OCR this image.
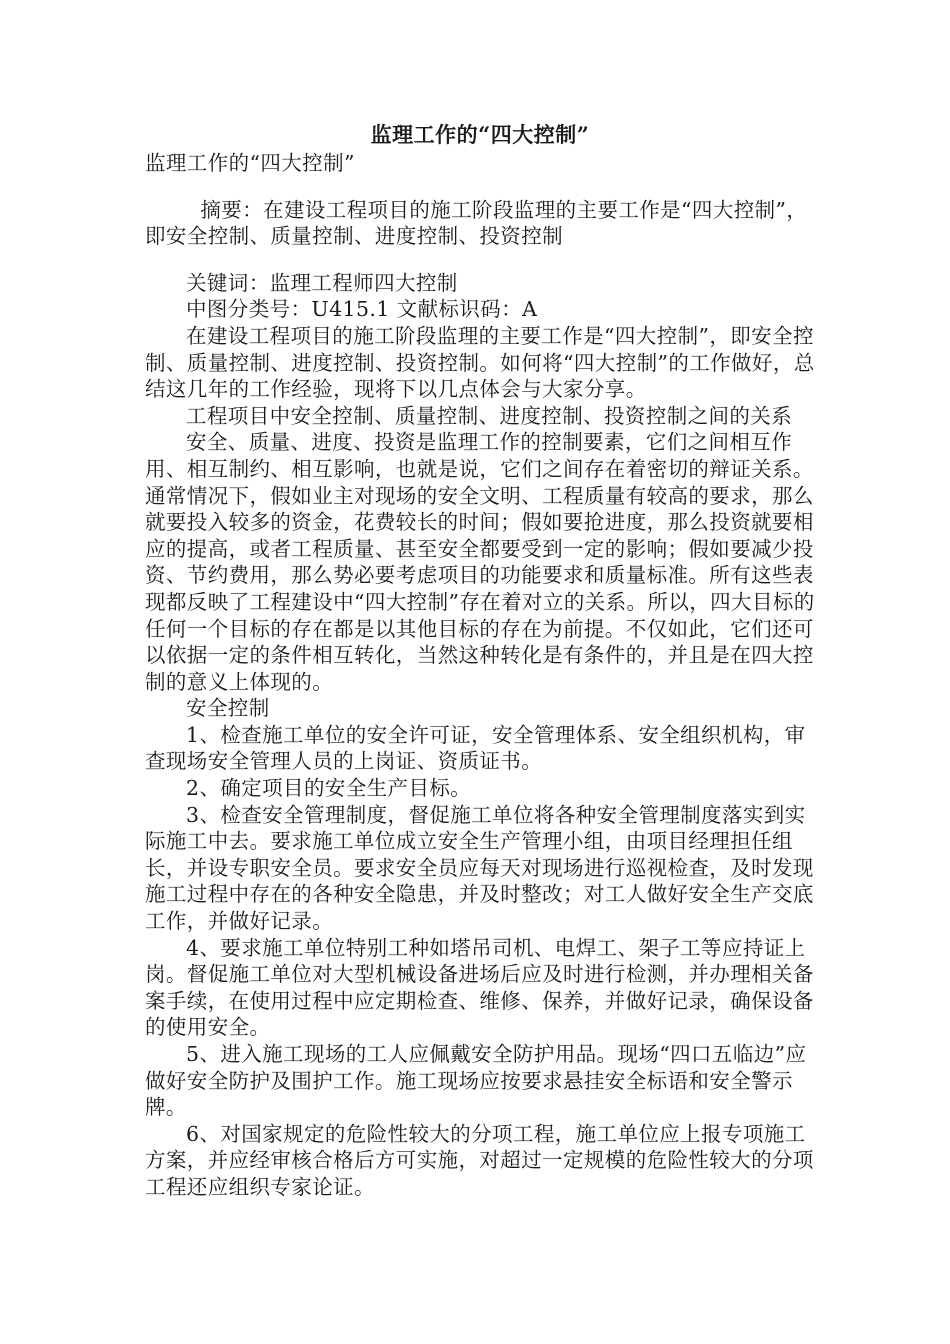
监理工作的“四大控制”

监理工作的“四大控制”

摘要：在建设工程项目的施工阶段监理的主要工作是“四大控制”，即安全控制、质量控制、进度控制、投资控制

关键词：监理工程师四大控制

中图分类号：U415.1 文献标识码：A

在建设工程项目的施工阶段监理的主要工作是“四大控制”，即安全控制、质量控制、进度控制、投资控制。如何将“四大控制”的工作做好，总结这几年的工作经验，现将下以几点体会与大家分享。

工程项目中安全控制、质量控制、进度控制、投资控制之间的关系

安全、质量、进度、投资是监理工作的控制要素，它们之间相互作用、相互制约、相互影响，也就是说，它们之间存在着密切的辩证关系。通常情况下，假如业主对现场的安全文明、工程质量有较高的要求，那么就要投入较多的资金，花费较长的时间；假如要抢进度，那么投资就要相应的提高，或者工程质量、甚至安全都要受到一定的影响；假如要减少投资、节约费用，那么势必要考虑项目的功能要求和质量标准。所有这些表现都反映了工程建设中“四大控制”存在着对立的关系。所以，四大目标的任何一个目标的存在都是以其他目标的存在为前提。不仅如此，它们还可以依据一定的条件相互转化，当然这种转化是有条件的，并且是在四大控制的意义上体现的。

安全控制

1、检查施工单位的安全许可证，安全管理体系、安全组织机构，审查现场安全管理人员的上岗证、资质证书。

2、确定项目的安全生产目标。

3、检查安全管理制度，督促施工单位将各种安全管理制度落实到实际施工中去。要求施工单位成立安全生产管理小组，由项目经理担任组长，并设专职安全员。要求安全员应每天对现场进行巡视检查，及时发现施工过程中存在的各种安全隐患，并及时整改；对工人做好安全生产交底工作，并做好记录。

4、要求施工单位特别工种如塔吊司机、电焊工、架子工等应持证上岗。督促施工单位对大型机械设备进场后应及时进行检测，并办理相关备案手续，在使用过程中应定期检查、维修、保养，并做好记录，确保设备的使用安全。

5、进入施工现场的工人应佩戴安全防护用品。现场“四口五临边”应做好安全防护及围护工作。施工现场应按要求悬挂安全标语和安全警示牌。

6、对国家规定的危险性较大的分项工程，施工单位应上报专项施工方案，并应经审核合格后方可实施，对超过一定规模的危险性较大的分项工程还应组织专家论证。
